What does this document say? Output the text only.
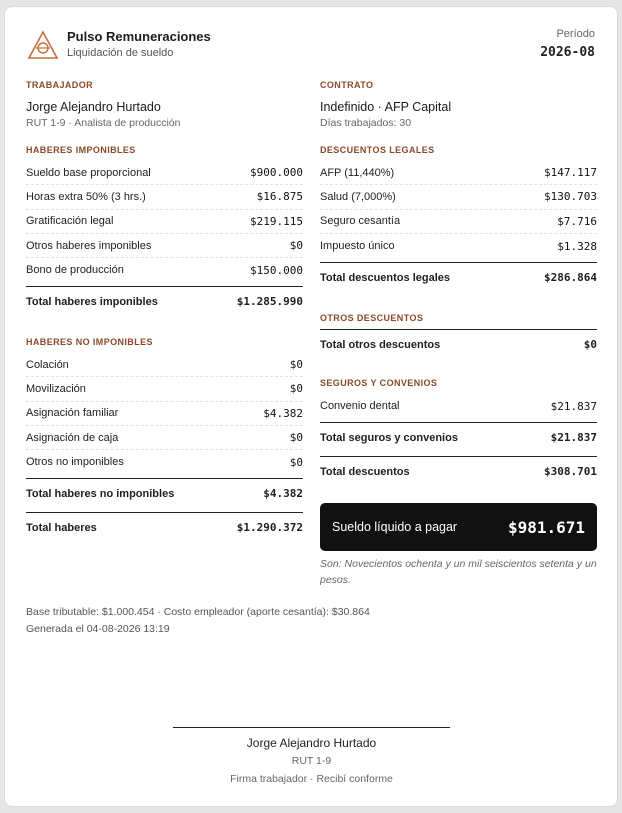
Pulso Remuneraciones
Liquidación de sueldo
Período
2026-08
TRABAJADOR
Jorge Alejandro Hurtado
RUT 1-9 · Analista de producción
HABERES IMPONIBLES
Sueldo base proporcional	$900.000
Horas extra 50% (3 hrs.)	$16.875
Gratificación legal	$219.115
Otros haberes imponibles	$0
Bono de producción	$150.000
Total haberes imponibles	$1.285.990
HABERES NO IMPONIBLES
Colación	$0
Movilización	$0
Asignación familiar	$4.382
Asignación de caja	$0
Otros no imponibles	$0
Total haberes no imponibles	$4.382
Total haberes	$1.290.372
CONTRATO
Indefinido · AFP Capital
Días trabajados: 30
DESCUENTOS LEGALES
AFP (11,440%)	$147.117
Salud (7,000%)	$130.703
Seguro cesantía	$7.716
Impuesto único	$1.328
Total descuentos legales	$286.864
OTROS DESCUENTOS
Total otros descuentos	$0
SEGUROS Y CONVENIOS
Convenio dental	$21.837
Total seguros y convenios	$21.837
Total descuentos	$308.701
Sueldo líquido a pagar	$981.671
Son: Novecientos ochenta y un mil seiscientos setenta y un pesos.
Base tributable: $1.000.454 · Costo empleador (aporte cesantía): $30.864
Generada el 04-08-2026 13:19
Jorge Alejandro Hurtado
RUT 1-9
Firma trabajador · Recibí conforme
